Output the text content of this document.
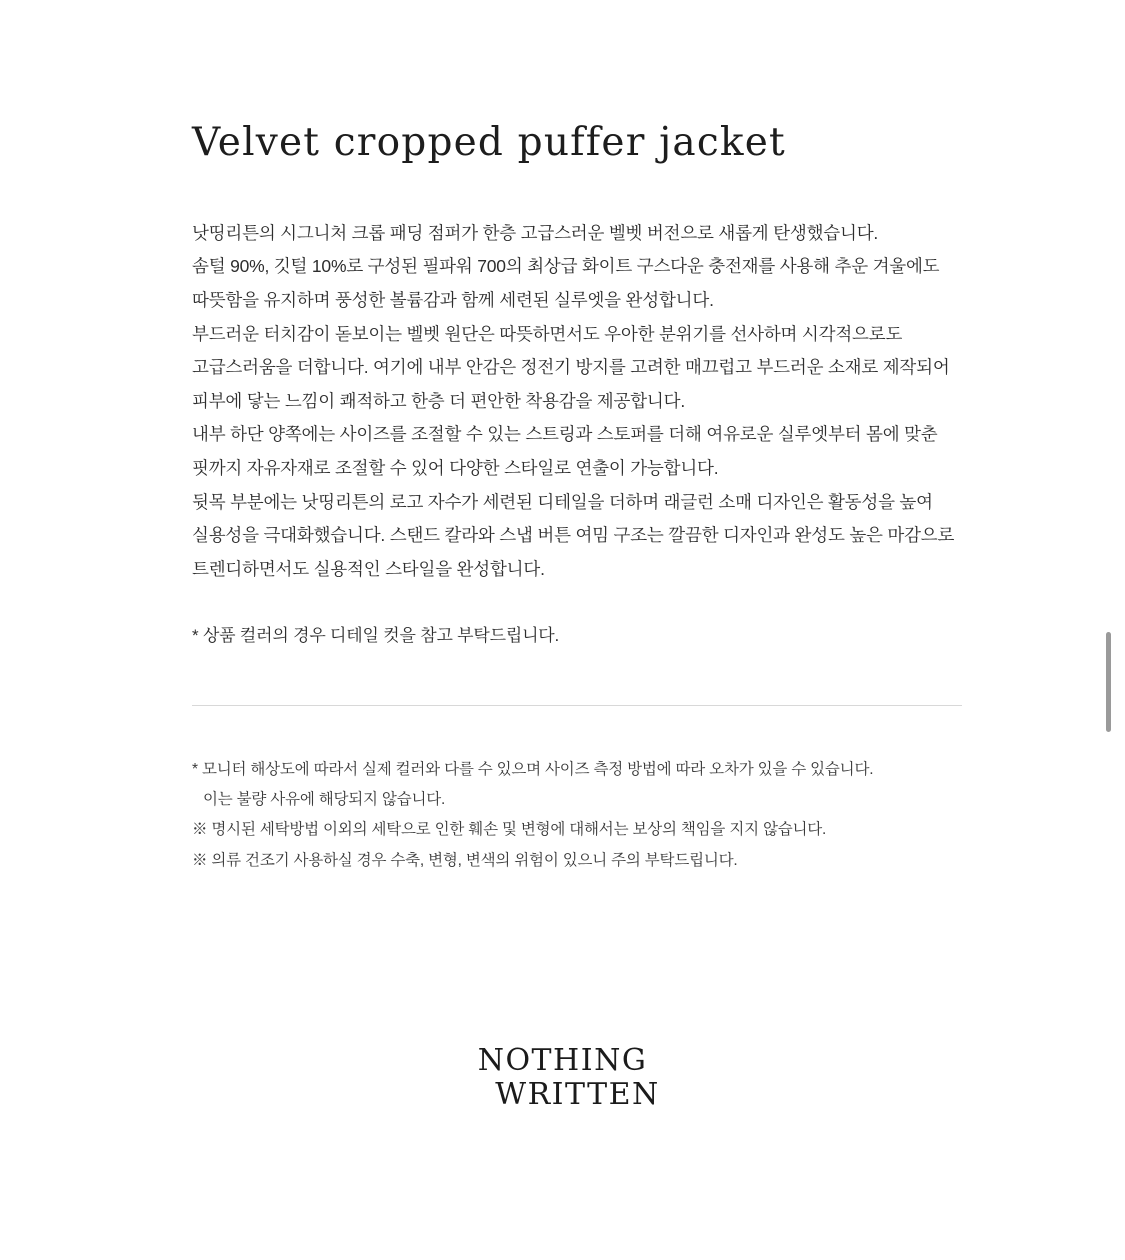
Velvet cropped puffer jacket

낫띵리튼의 시그니처 크롭 패딩 점퍼가 한층 고급스러운 벨벳 버전으로 새롭게 탄생했습니다.
솜털 90%, 깃털 10%로 구성된 필파워 700의 최상급 화이트 구스다운 충전재를 사용해 추운 겨울에도
따뜻함을 유지하며 풍성한 볼륨감과 함께 세련된 실루엣을 완성합니다.
부드러운 터치감이 돋보이는 벨벳 원단은 따뜻하면서도 우아한 분위기를 선사하며 시각적으로도
고급스러움을 더합니다. 여기에 내부 안감은 정전기 방지를 고려한 매끄럽고 부드러운 소재로 제작되어
피부에 닿는 느낌이 쾌적하고 한층 더 편안한 착용감을 제공합니다.
내부 하단 양쪽에는 사이즈를 조절할 수 있는 스트링과 스토퍼를 더해 여유로운 실루엣부터 몸에 맞춘
핏까지 자유자재로 조절할 수 있어 다양한 스타일로 연출이 가능합니다.
뒷목 부분에는 낫띵리튼의 로고 자수가 세련된 디테일을 더하며 래글런 소매 디자인은 활동성을 높여
실용성을 극대화했습니다. 스탠드 칼라와 스냅 버튼 여밈 구조는 깔끔한 디자인과 완성도 높은 마감으로
트렌디하면서도 실용적인 스타일을 완성합니다.

* 상품 컬러의 경우 디테일 컷을 참고 부탁드립니다.
* 모니터 해상도에 따라서 실제 컬러와 다를 수 있으며 사이즈 측정 방법에 따라 오차가 있을 수 있습니다.
이는 불량 사유에 해당되지 않습니다.
※ 명시된 세탁방법 이외의 세탁으로 인한 훼손 및 변형에 대해서는 보상의 책임을 지지 않습니다.
※ 의류 건조기 사용하실 경우 수축, 변형, 변색의 위험이 있으니 주의 부탁드립니다.
NOTHING
WRITTEN
